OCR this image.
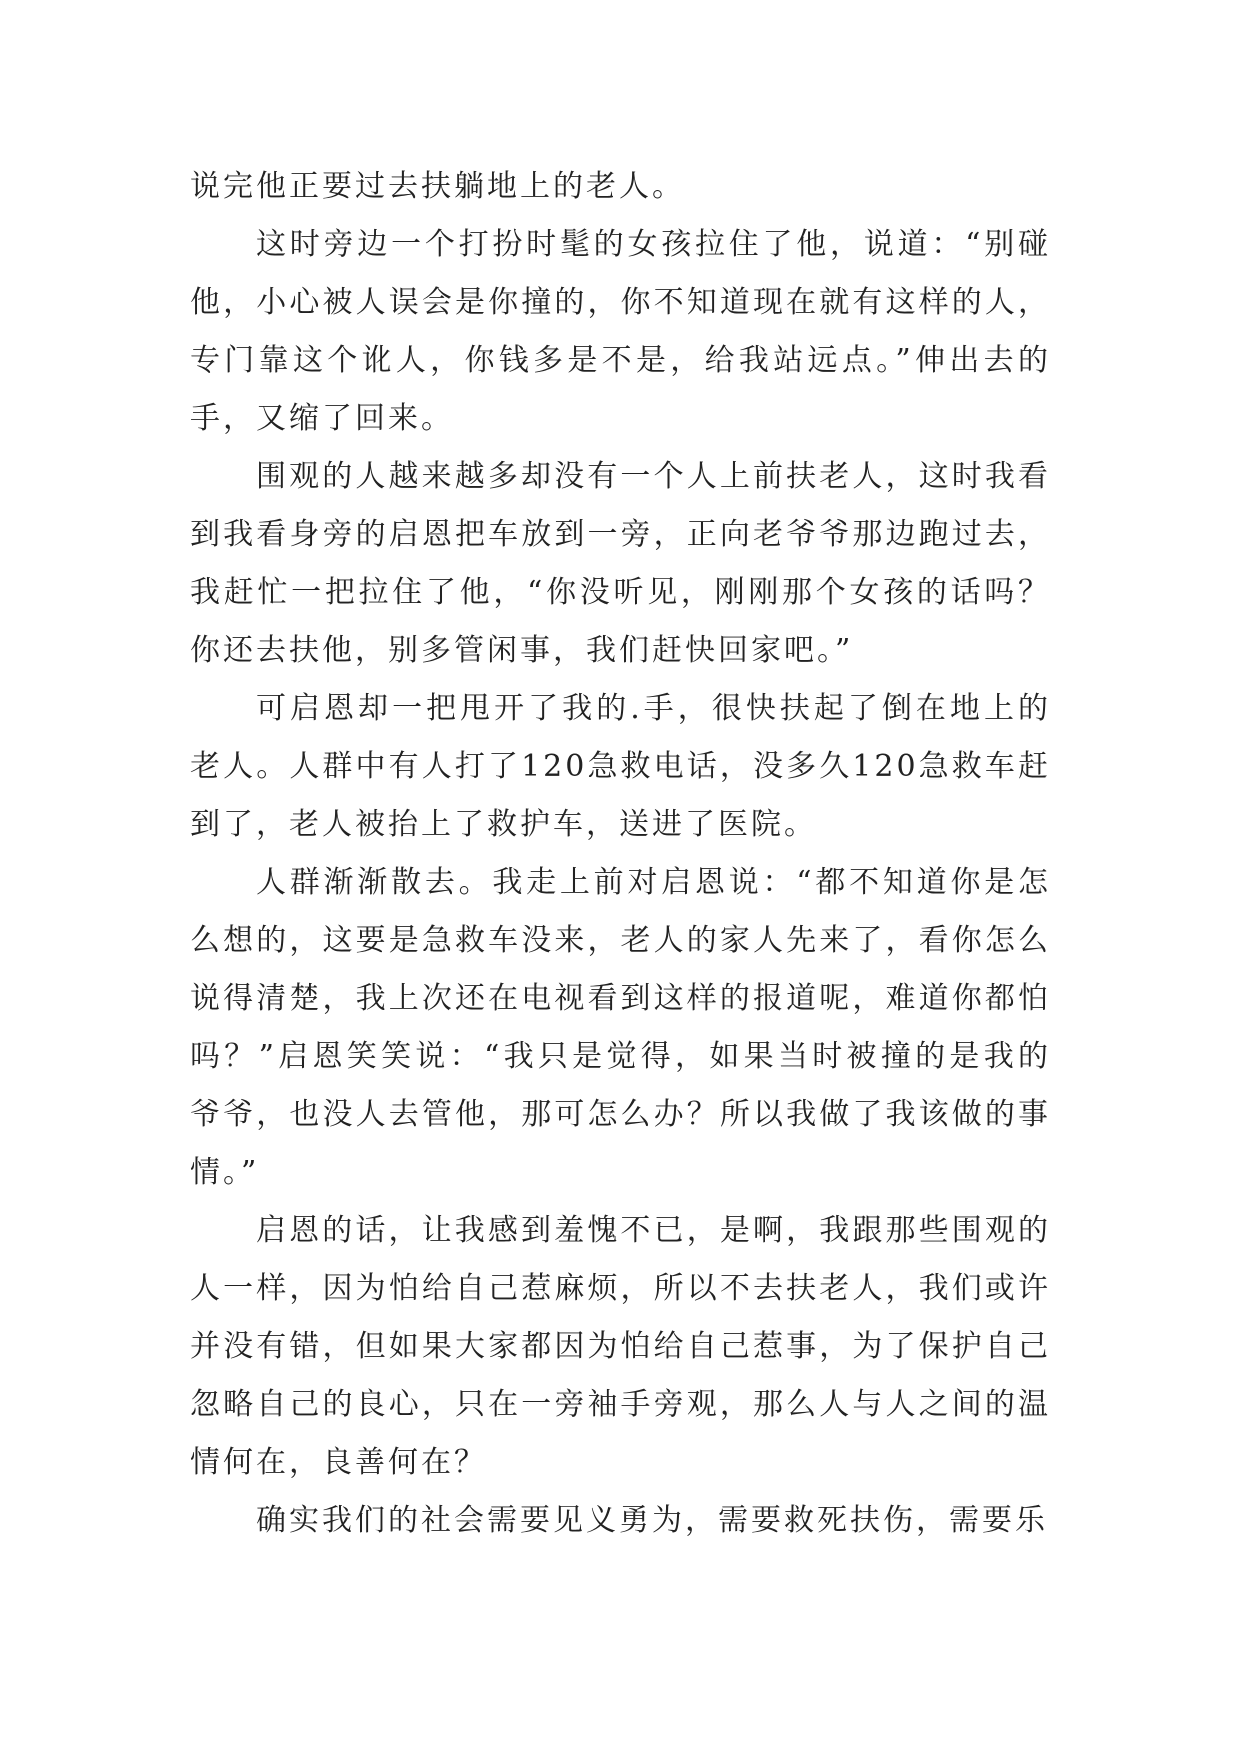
说完他正要过去扶躺地上的老人。

这时旁边一个打扮时髦的女孩拉住了他，说道：“别碰他，小心被人误会是你撞的，你不知道现在就有这样的人，专门靠这个讹人，你钱多是不是，给我站远点。”伸出去的手，又缩了回来。

围观的人越来越多却没有一个人上前扶老人，这时我看到我看身旁的启恩把车放到一旁，正向老爷爷那边跑过去，我赶忙一把拉住了他，“你没听见，刚刚那个女孩的话吗？你还去扶他，别多管闲事，我们赶快回家吧。”

可启恩却一把甩开了我的.手，很快扶起了倒在地上的老人。人群中有人打了120急救电话，没多久120急救车赶到了，老人被抬上了救护车，送进了医院。

人群渐渐散去。我走上前对启恩说：“都不知道你是怎么想的，这要是急救车没来，老人的家人先来了，看你怎么说得清楚，我上次还在电视看到这样的报道呢，难道你都怕吗？”启恩笑笑说：“我只是觉得，如果当时被撞的是我的爷爷，也没人去管他，那可怎么办？所以我做了我该做的事情。”

启恩的话，让我感到羞愧不已，是啊，我跟那些围观的人一样，因为怕给自己惹麻烦，所以不去扶老人，我们或许并没有错，但如果大家都因为怕给自己惹事，为了保护自己忽略自己的良心，只在一旁袖手旁观，那么人与人之间的温情何在，良善何在？

确实我们的社会需要见义勇为，需要救死扶伤，需要乐
